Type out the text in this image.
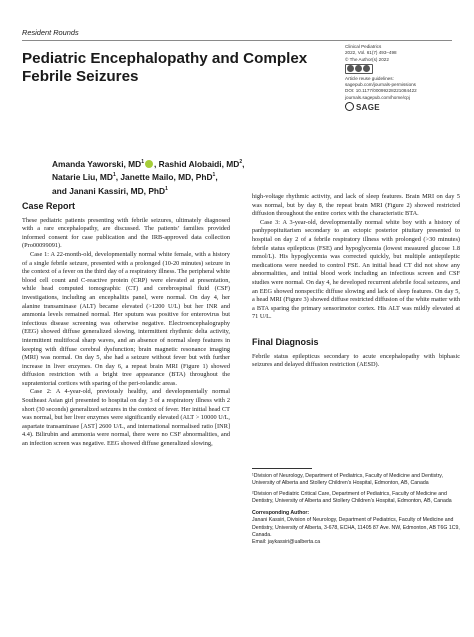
Resident Rounds
Pediatric Encephalopathy and Complex Febrile Seizures
Clinical Pediatrics
2022, Vol. 61(7) 493–498
© The Author(s) 2022
Article reuse guidelines:
sagepub.com/journals-permissions
DOI: 10.1177/00099228221084422
journals.sagepub.com/home/cpj
SAGE
Amanda Yaworski, $MD^1$ , Rashid Alobaidi, $MD^2$,
Natarie Liu, $MD^1$, Janette Mailo, MD, PhD$^1$,
and Janani Kassiri, MD, PhD$^1$
Case Report

These pediatric patients presenting with febrile seizures, ultimately diagnosed with a rare encephalopathy, are discussed. The patients’ families provided informed consent for case publication and the IRB-approved data collection (Pro00099091).

Case 1: A 22-month-old, developmentally normal white female, with a history of a single febrile seizure, presented with a prolonged (10-20 minutes) seizure in the context of a fever on the third day of a respiratory illness. The peripheral white blood cell count and C-reactive protein (CRP) were elevated at presentation, while head computed tomographic (CT) and cerebrospinal fluid (CSF) investigations, including an encephalitis panel, were normal. On day 4, her alanine transaminase (ALT) became elevated (>1200 U/L) but her INR and ammonia levels remained normal. Her sputum was positive for enterovirus but infectious disease screening was otherwise negative. Electroencephalography (EEG) showed diffuse generalized slowing, intermittent rhythmic delta activity, intermittent multifocal sharp waves, and an absence of normal sleep features in keeping with diffuse cerebral dysfunction; brain magnetic resonance imaging (MRI) was normal. On day 5, she had a seizure without fever but with further increase in liver enzymes. On day 6, a repeat brain MRI (Figure 1) showed diffusion restriction with a bright tree appearance (BTA) throughout the supratentorial cortices with sparing of the peri-rolandic areas.

Case 2: A 4-year-old, previously healthy, and developmentally normal Southeast Asian girl presented to hospital on day 3 of a respiratory illness with 2 short (30 seconds) generalized seizures in the context of fever. Her initial head CT was normal, but her liver enzymes were significantly elevated (ALT > 10000 U/L, aspartate transaminase [AST] 2600 U/L, and international normalised ratio [INR] 4.4). Bilirubin and ammonia were normal, there were no CSF abnormalities, and an infection screen was negative. EEG showed diffuse generalized slowing,

high-voltage rhythmic activity, and lack of sleep features. Brain MRI on day 5 was normal, but by day 8, the repeat brain MRI (Figure 2) showed restricted diffusion throughout the entire cortex with the characteristic BTA.

Case 3: A 3-year-old, developmentally normal white boy with a history of panhypopituitarism secondary to an ectopic posterior pituitary presented to hospital on day 2 of a febrile respiratory illness with prolonged (>30 minutes) febrile status epilepticus (FSE) and hypoglycemia (lowest measured glucose 1.8 mmol/L). His hypoglycemia was corrected quickly, but multiple antiepileptic medications were needed to control FSE. An initial head CT did not show any abnormalities, and initial blood work including an infectious screen and CSF studies were normal. On day 4, he developed recurrent afebrile focal seizures, and an EEG showed nonspecific diffuse slowing and lack of sleep features. On day 5, a head MRI (Figure 3) showed diffuse restricted diffusion of the white matter with a BTA sparing the primary sensorimotor cortex. His ALT was mildly elevated at 71 U/L.

Final Diagnosis

Febrile status epilepticus secondary to acute encephalopathy with biphasic seizures and delayed diffusion restriction (AESD).

¹Division of Neurology, Department of Pediatrics, Faculty of Medicine and Dentistry, University of Alberta and Stollery Children’s Hospital, Edmonton, AB, Canada
²Division of Pediatric Critical Care, Department of Pediatrics, Faculty of Medicine and Dentistry, University of Alberta and Stollery Children’s Hospital, Edmonton, AB, Canada
Corresponding Author:
Janani Kassiri, Division of Neurology, Department of Pediatrics, Faculty of Medicine and Dentistry, University of Alberta, 3-678, ECHA, 11405 87 Ave. NW, Edmonton, AB T6G 1C9, Canada.
Email: jaykassiri@ualberta.ca
